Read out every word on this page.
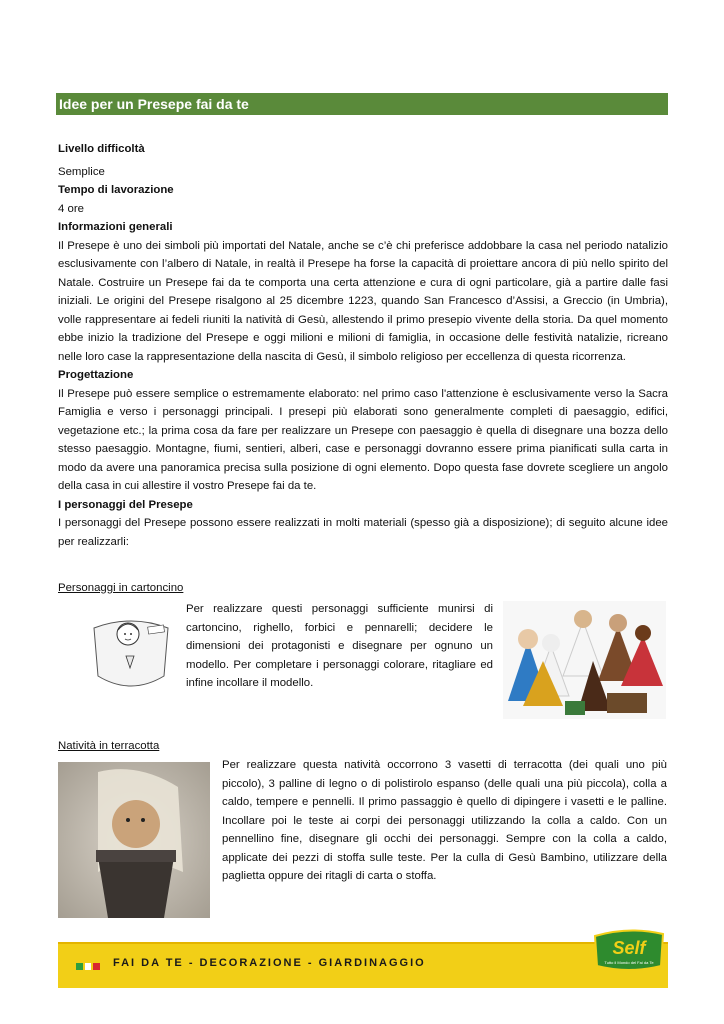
Idee per un Presepe fai da te

Livello difficoltà

Semplice

Tempo di lavorazione

4 ore

Informazioni generali

Il Presepe è uno dei simboli più importati del Natale, anche se c’è chi preferisce addobbare la casa nel periodo natalizio esclusivamente con l’albero di Natale, in realtà il Presepe ha forse la capacità di proiettare ancora di più nello spirito del Natale. Costruire un Presepe fai da te comporta una certa attenzione e cura di ogni particolare, già a partire dalle fasi iniziali. Le origini del Presepe risalgono al 25 dicembre 1223, quando San Francesco d’Assisi, a Greccio (in Umbria), volle rappresentare ai fedeli riuniti la natività di Gesù, allestendo il primo presepio vivente della storia. Da quel momento ebbe inizio la tradizione del Presepe e oggi milioni e milioni di famiglia, in occasione delle festività natalizie, ricreano nelle loro case la rappresentazione della nascita di Gesù, il simbolo religioso per eccellenza di questa ricorrenza.

Progettazione

Il Presepe può essere semplice o estremamente elaborato: nel primo caso l'attenzione è esclusivamente verso la Sacra Famiglia e verso i personaggi principali. I presepi più elaborati sono generalmente completi di paesaggio, edifici, vegetazione etc.; la prima cosa da fare per realizzare un Presepe con paesaggio è quella di disegnare una bozza dello stesso paesaggio. Montagne, fiumi, sentieri, alberi, case e personaggi dovranno essere prima pianificati sulla carta in modo da avere una panoramica precisa sulla posizione di ogni elemento. Dopo questa fase dovrete scegliere un angolo della casa in cui allestire il vostro Presepe fai da te.

I personaggi del Presepe

I personaggi del Presepe possono essere realizzati in molti materiali (spesso già a disposizione); di seguito alcune idee per realizzarli:

Personaggi in cartoncino
Per realizzare questi personaggi sufficiente munirsi di cartoncino, righello, forbici e pennarelli; decidere le dimensioni dei protagonisti e disegnare per ognuno un modello. Per completare i personaggi colorare, ritagliare ed infine incollare il modello.
Natività in terracotta
Per realizzare questa natività occorrono 3 vasetti di terracotta (dei quali uno più piccolo), 3 palline di legno o di polistirolo espanso (delle quali una più piccola), colla a caldo, tempere e pennelli. Il primo passaggio è quello di dipingere i vasetti e le palline. Incollare poi le teste ai corpi dei personaggi utilizzando la colla a caldo. Con un pennellino fine, disegnare gli occhi dei personaggi. Sempre con la colla a caldo, applicate dei pezzi di stoffa sulle teste. Per la culla di Gesù Bambino, utilizzare della paglietta oppure dei ritagli di carta o stoffa.
FAI DA TE - DECORAZIONE - GIARDINAGGIO
Self
Tutto il Mondo del Fai da Te
